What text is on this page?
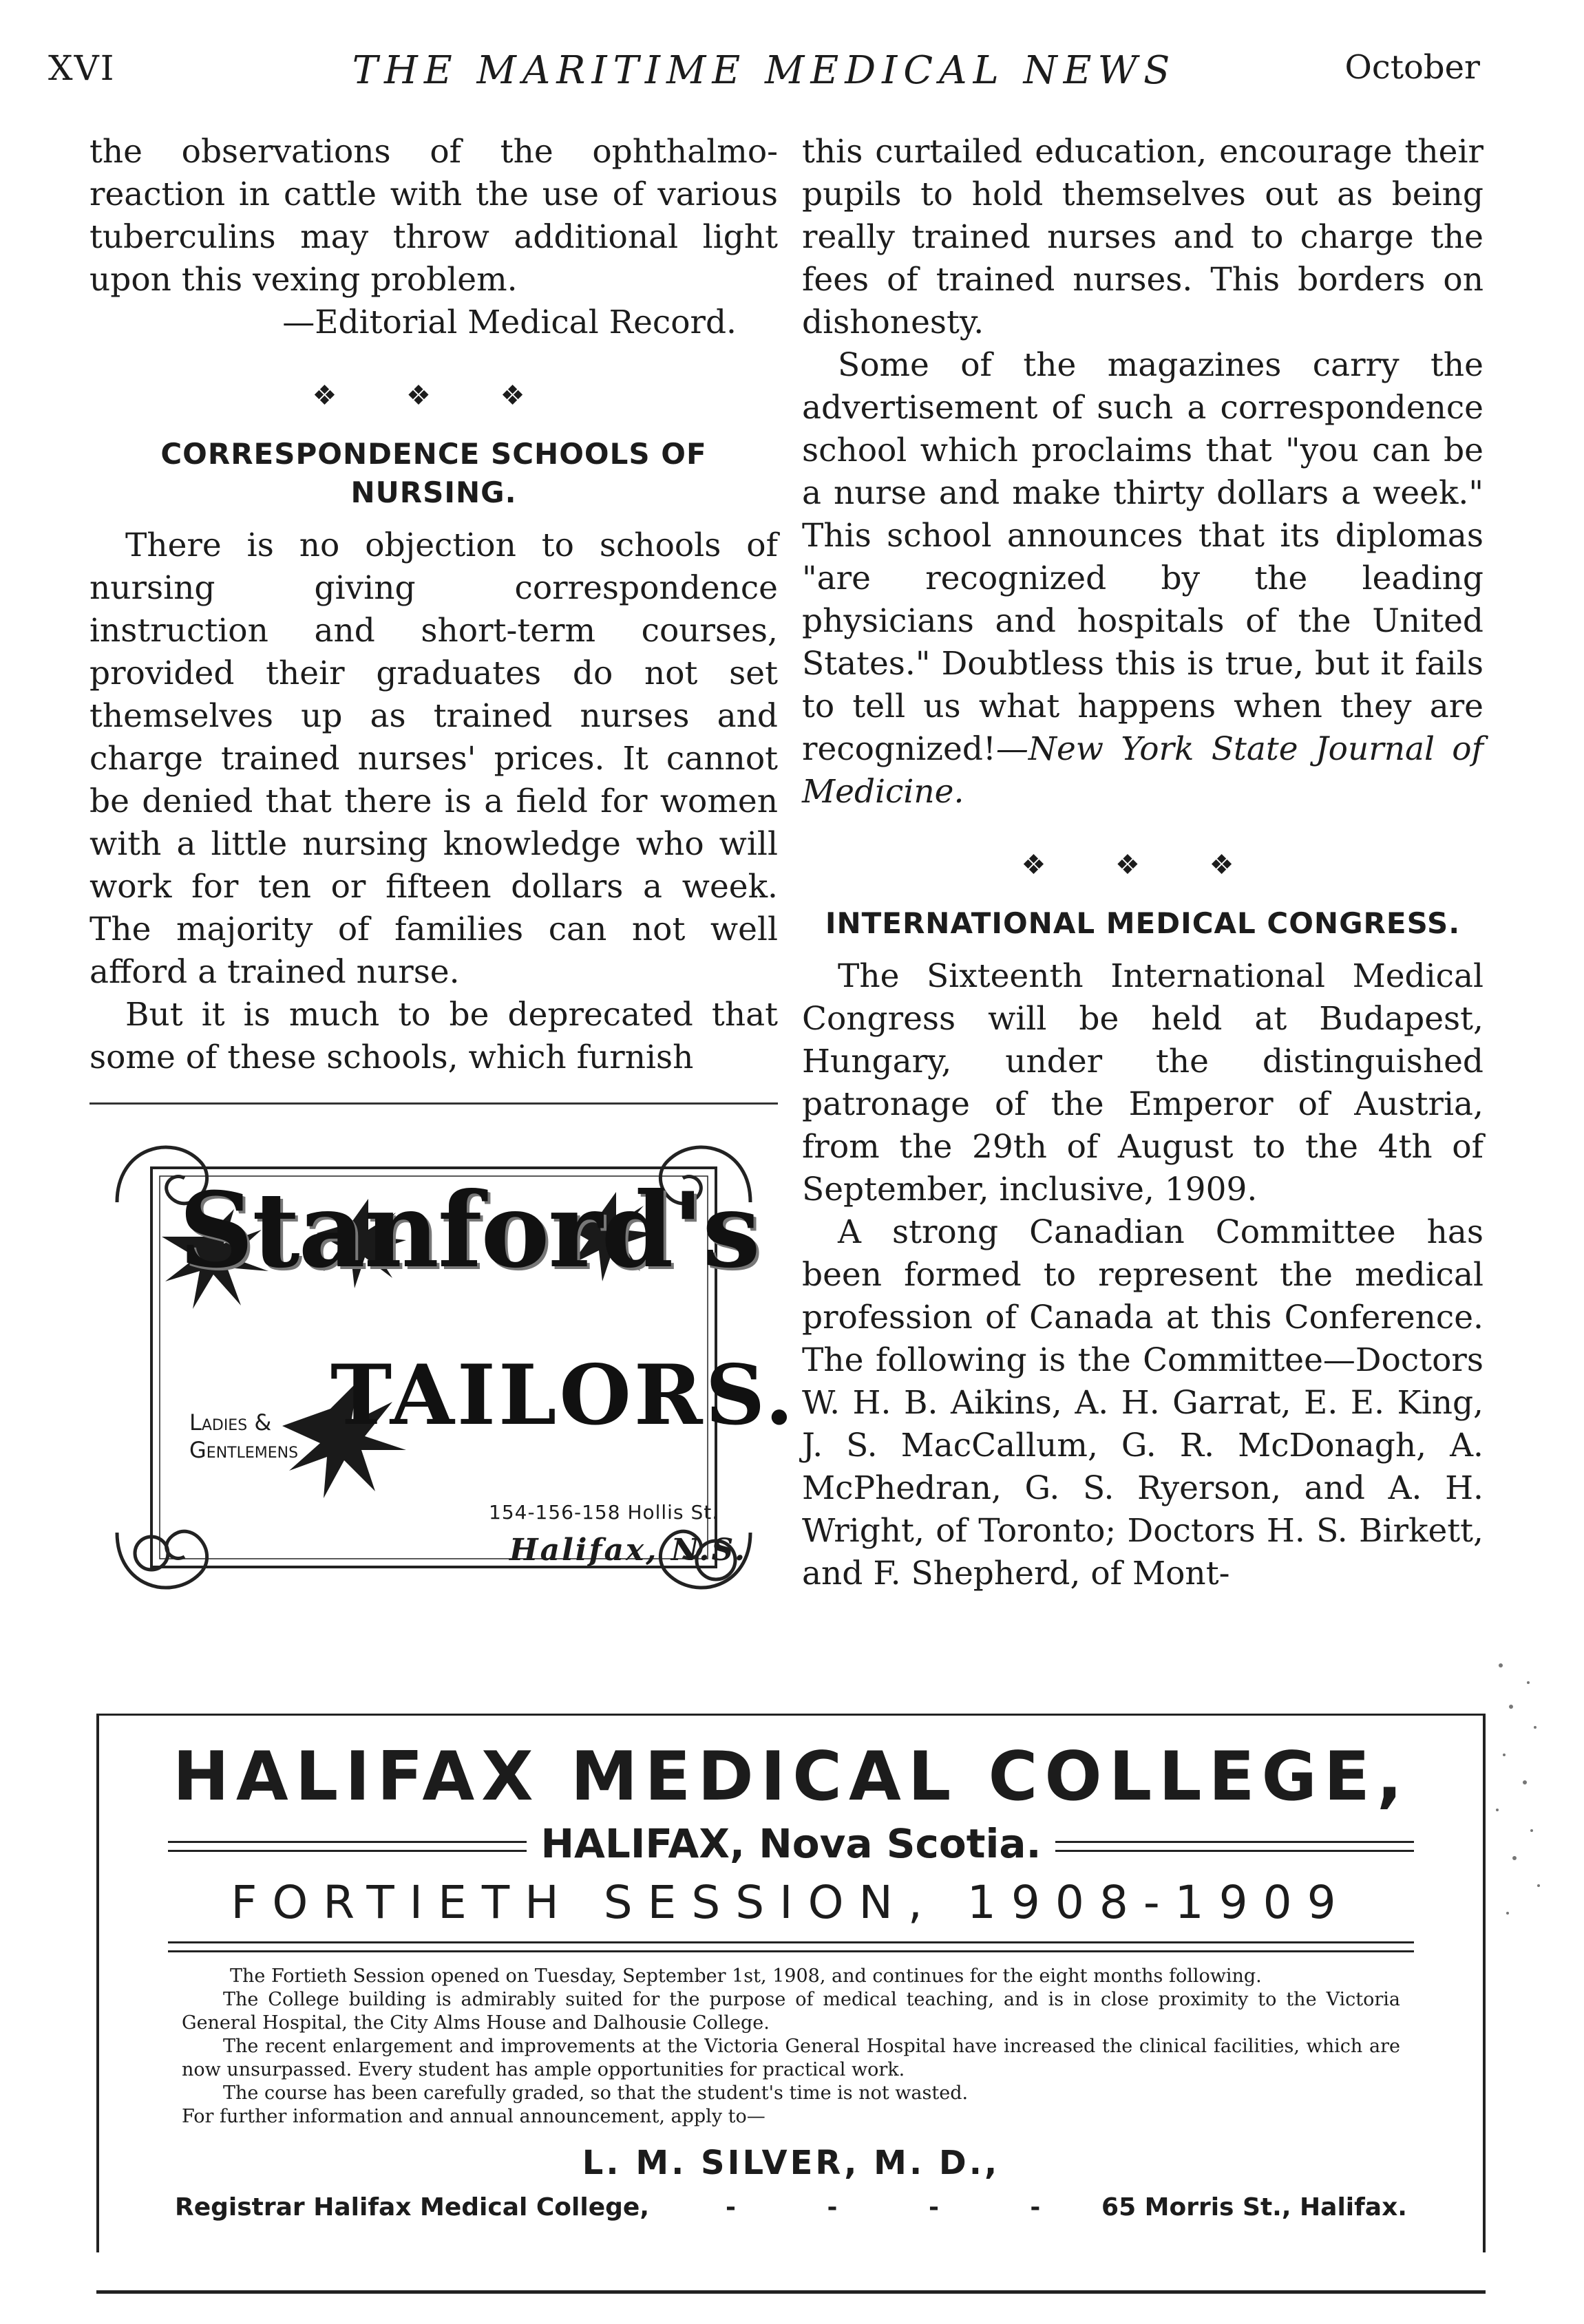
XVI	THE MARITIME MEDICAL NEWS	October

the observations of the ophthalmo-reaction in cattle with the use of various tuberculins may throw additional light upon this vexing problem.

—Editorial Medical Record.
❖ ❖ ❖
CORRESPONDENCE SCHOOLS OF NURSING.

There is no objection to schools of nursing giving correspondence instruction and short-term courses, provided their graduates do not set themselves up as trained nurses and charge trained nurses' prices. It cannot be denied that there is a field for women with a little nursing knowledge who will work for ten or fifteen dollars a week. The majority of families can not well afford a trained nurse.

But it is much to be deprecated that some of these schools, which furnish

Stanford's
Ladies &
Gentlemens
TAILORS.
154-156-158 Hollis St.
Halifax, N.S.

this curtailed education, encourage their pupils to hold themselves out as being really trained nurses and to charge the fees of trained nurses. This borders on dishonesty.

Some of the magazines carry the advertisement of such a correspondence school which proclaims that "you can be a nurse and make thirty dollars a week." This school announces that its diplomas "are recognized by the leading physicians and hospitals of the United States." Doubtless this is true, but it fails to tell us what happens when they are recognized!—New York State Journal of Medicine.

❖ ❖ ❖
INTERNATIONAL MEDICAL CONGRESS.

The Sixteenth International Medical Congress will be held at Budapest, Hungary, under the distinguished patronage of the Emperor of Austria, from the 29th of August to the 4th of September, inclusive, 1909.

A strong Canadian Committee has been formed to represent the medical profession of Canada at this Conference. The following is the Committee—Doctors W. H. B. Aikins, A. H. Garrat, E. E. King, J. S. MacCallum, G. R. McDonagh, A. McPhedran, G. S. Ryerson, and A. H. Wright, of Toronto; Doctors H. S. Birkett, and F. Shepherd, of Mont-

HALIFAX MEDICAL COLLEGE,
HALIFAX, Nova Scotia.
FORTIETH SESSION, 1908-1909

The Fortieth Session opened on Tuesday, September 1st, 1908, and continues for the eight months following.

The College building is admirably suited for the purpose of medical teaching, and is in close proximity to the Victoria General Hospital, the City Alms House and Dalhousie College.

The recent enlargement and improvements at the Victoria General Hospital have increased the clinical facilities, which are now unsurpassed. Every student has ample opportunities for practical work.

The course has been carefully graded, so that the student's time is not wasted.

For further information and annual announcement, apply to—

L. M. SILVER, M. D.,
Registrar Halifax Medical College,	- - - - 65 Morris St., Halifax.
